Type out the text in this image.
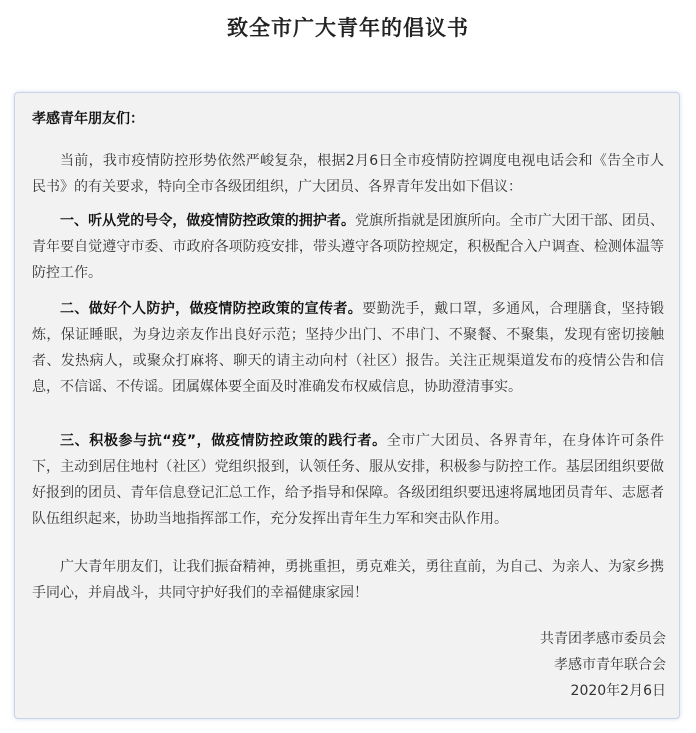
致全市广大青年的倡议书
孝感青年朋友们：
当前，我市疫情防控形势依然严峻复杂，根据2月6日全市疫情防控调度电视电话会和《告全市人民书》的有关要求，特向全市各级团组织，广大团员、各界青年发出如下倡议：
一、听从党的号令，做疫情防控政策的拥护者。党旗所指就是团旗所向。全市广大团干部、团员、青年要自觉遵守市委、市政府各项防疫安排，带头遵守各项防控规定，积极配合入户调查、检测体温等防控工作。
二、做好个人防护，做疫情防控政策的宣传者。要勤洗手，戴口罩，多通风，合理膳食，坚持锻炼，保证睡眠，为身边亲友作出良好示范；坚持少出门、不串门、不聚餐、不聚集，发现有密切接触者、发热病人，或聚众打麻将、聊天的请主动向村（社区）报告。关注正规渠道发布的疫情公告和信息，不信谣、不传谣。团属媒体要全面及时准确发布权威信息，协助澄清事实。
三、积极参与抗“疫”，做疫情防控政策的践行者。全市广大团员、各界青年，在身体许可条件下，主动到居住地村（社区）党组织报到，认领任务、服从安排，积极参与防控工作。基层团组织要做好报到的团员、青年信息登记汇总工作，给予指导和保障。各级团组织要迅速将属地团员青年、志愿者队伍组织起来，协助当地指挥部工作，充分发挥出青年生力军和突击队作用。
广大青年朋友们，让我们振奋精神，勇挑重担，勇克难关，勇往直前，为自己、为亲人、为家乡携手同心，并肩战斗，共同守护好我们的幸福健康家园！
共青团孝感市委员会
孝感市青年联合会
2020年2月6日
